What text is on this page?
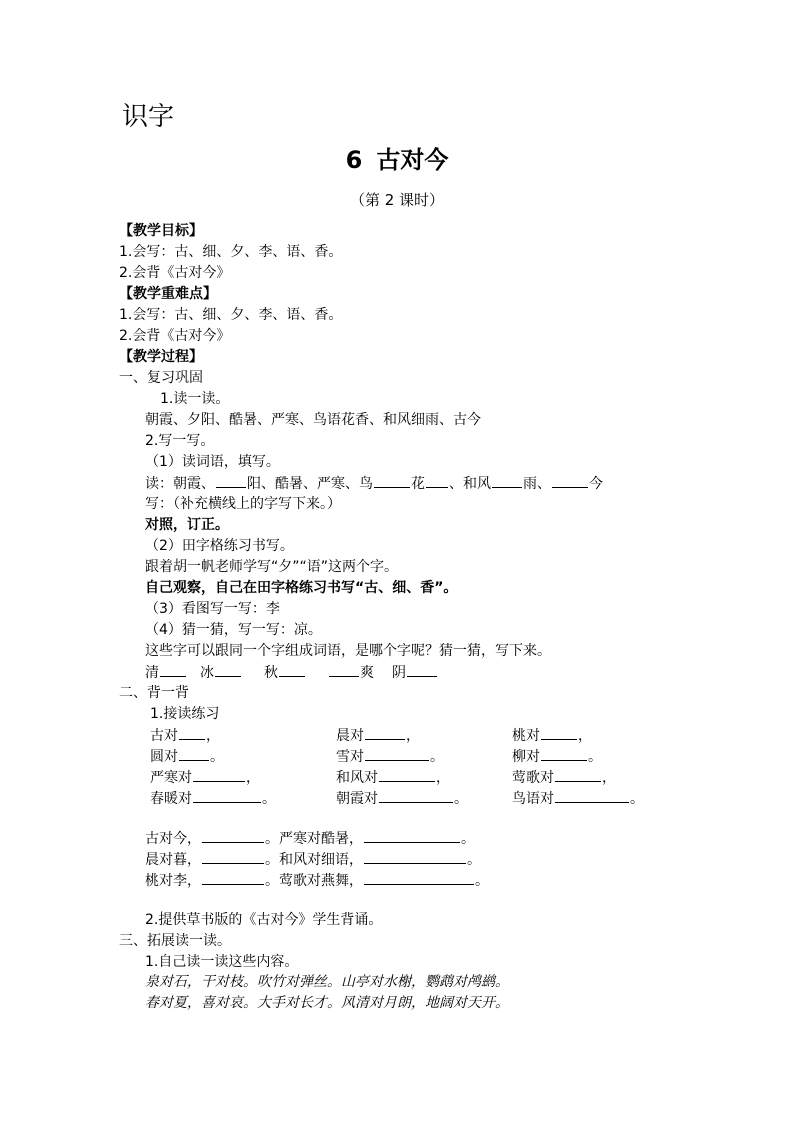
识字
6 古对今
（第 2 课时）
【教学目标】
1.会写：古、细、夕、李、语、香。
2.会背《古对今》
【教学重难点】
1.会写：古、细、夕、李、语、香。
2.会背《古对今》
【教学过程】
一、复习巩固
1.读一读。
朝霞、夕阳、酷暑、严寒、鸟语花香、和风细雨、古今
2.写一写。
（1）读词语，填写。
读：朝霞、 阳、酷暑、严寒、鸟	花 、和风 雨、	今
写：（补充横线上的字写下来。）
对照，订正。
（2）田字格练习书写。
跟着胡一帆老师学写“夕”“语”这两个字。
自己观察，自己在田字格练习书写“古、细、香”。
（3）看图写一写：李
（4）猜一猜，写一写：凉。
这些字可以跟同一个字组成词语，是哪个字呢？猜一猜，写下来。
清	冰	秋	爽 阴
二、背一背
1.接读练习
古对 ，	晨对	，	桃对	，
圆对 。	雪对	。	柳对	。
严寒对	，	和风对	，	莺歌对	，
春暖对	。	朝霞对	。	鸟语对	。
古对今，	。严寒对酷暑，	。
晨对暮，	。和风对细语，	。
桃对李，	。莺歌对燕舞，	。
2.提供草书版的《古对今》学生背诵。
三、拓展读一读。
1.自己读一读这些内容。
泉对石，干对枝。吹竹对弹丝。山亭对水榭，鹦鹉对鸬鹚。
春对夏，喜对哀。大手对长才。风清对月朗，地阔对天开。
